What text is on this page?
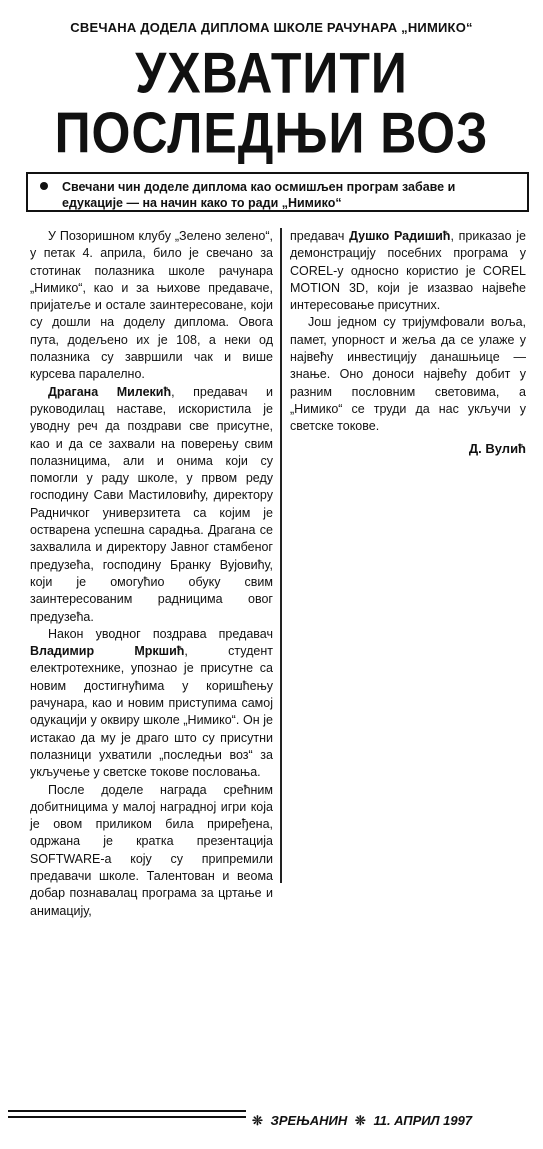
СВЕЧАНА ДОДЕЛА ДИПЛОМА ШКОЛЕ РАЧУНАРА „НИМИКО“
УХВАТИТИ
ПОСЛЕДЊИ ВОЗ
Свечани чин доделе диплома као осмишљен програм забаве и едукације — на начин како то ради „Нимико“

У Позоришном клубу „Зелено зелено“, у петак 4. априла, било је свечано за стотинак полазника школе рачунара „Нимико“, као и за њихове предаваче, пријатеље и остале заинтересоване, који су дошли на доделу диплома. Овога пута, додељено их је 108, а неки од полазника су завршили чак и више курсева паралелно.

Драгана Милекић, предавач и руководилац наставе, искористила је уводну реч да поздрави све присутне, као и да се захвали на поверењу свим полазницима, али и онима који су помогли у раду школе, у првом реду господину Сави Мастиловићу, директору Радничког универзитета са којим је остварена успешна сарадња. Драгана се захвалила и директору Јавног стамбеног предузећа, господину Бранку Вујовићу, који је омогућио обуку свим заинтересованим радницима овог предузећа.

Након уводног поздрава предавач Владимир Мркшић, студент електротехнике, упознао је присутне са новим достигнућима у коришћењу рачунара, као и новим приступима самој одукацији у оквиру школе „Нимико“. Он је истакао да му је драго што су присутни полазници ухватили „последњи воз“ за укључење у светске токове пословања.

После доделе награда срећним добитницима у малој наградној игри која је овом приликом била приређена, одржана је кратка презентација SOFTWARE-а коју су припремили предавачи школе. Талентован и веома добар познавалац програма за цртање и анимацију,

предавач Душко Радишић, приказао је демонстрацију посебних програма у COREL-у односно користио је COREL MOTION 3D, који је изазвао највеће интересовање присутних.

Још једном су тријумфовали воља, памет, упорност и жеља да се улаже у највећу инвестицију данашњице — знање. Оно доноси највећу добит у разним пословним световима, а „Нимико“ се труди да нас укључи у светске токове.

Д. Вулић
❊ ЗРЕЊАНИН ❊ 11. АПРИЛ 1997
